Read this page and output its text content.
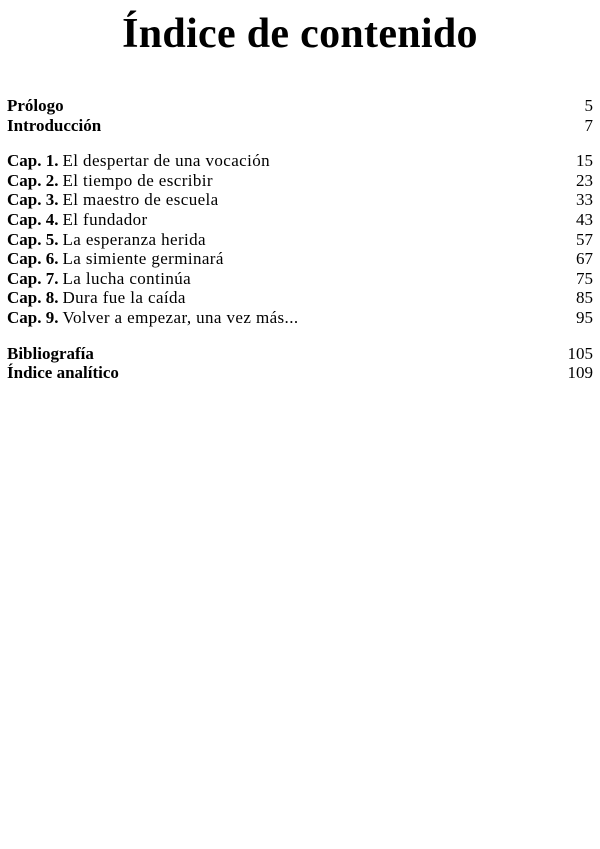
Índice de contenido
Prólogo	5
Introducción	7
Cap. 1. El despertar de una vocación	15
Cap. 2. El tiempo de escribir	23
Cap. 3. El maestro de escuela	33
Cap. 4. El fundador	43
Cap. 5. La esperanza herida	57
Cap. 6. La simiente germinará	67
Cap. 7. La lucha continúa	75
Cap. 8. Dura fue la caída	85
Cap. 9. Volver a empezar, una vez más...	95
Bibliografía	105
Índice analítico	109
